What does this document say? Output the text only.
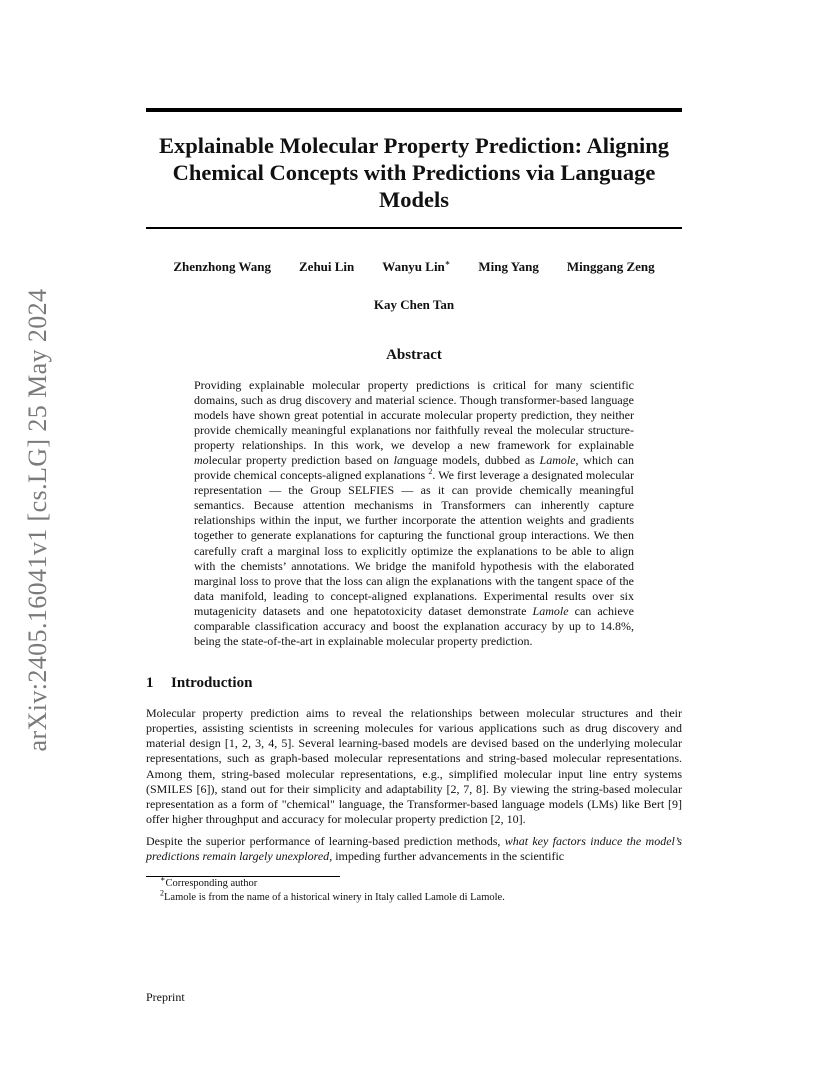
arXiv:2405.16041v1 [cs.LG] 25 May 2024
Explainable Molecular Property Prediction: Aligning Chemical Concepts with Predictions via Language Models
Zhenzhong Wang Zehui Lin Wanyu Lin∗ Ming Yang Minggang Zeng
Kay Chen Tan
Abstract
Providing explainable molecular property predictions is critical for many scientific domains, such as drug discovery and material science. Though transformer-based language models have shown great potential in accurate molecular property prediction, they neither provide chemically meaningful explanations nor faithfully reveal the molecular structure-property relationships. In this work, we develop a new framework for explainable molecular property prediction based on language models, dubbed as Lamole, which can provide chemical concepts-aligned explanations $^2$. We first leverage a designated molecular representation — the Group SELFIES — as it can provide chemically meaningful semantics. Because attention mechanisms in Transformers can inherently capture relationships within the input, we further incorporate the attention weights and gradients together to generate explanations for capturing the functional group interactions. We then carefully craft a marginal loss to explicitly optimize the explanations to be able to align with the chemists’ annotations. We bridge the manifold hypothesis with the elaborated marginal loss to prove that the loss can align the explanations with the tangent space of the data manifold, leading to concept-aligned explanations. Experimental results over six mutagenicity datasets and one hepatotoxicity dataset demonstrate Lamole can achieve comparable classification accuracy and boost the explanation accuracy by up to 14.8%, being the state-of-the-art in explainable molecular property prediction.
1 Introduction
Molecular property prediction aims to reveal the relationships between molecular structures and their properties, assisting scientists in screening molecules for various applications such as drug discovery and material design [1, 2, 3, 4, 5]. Several learning-based models are devised based on the underlying molecular representations, such as graph-based molecular representations and string-based molecular representations. Among them, string-based molecular representations, e.g., simplified molecular input line entry systems (SMILES [6]), stand out for their simplicity and adaptability [2, 7, 8]. By viewing the string-based molecular representation as a form of "chemical" language, the Transformer-based language models (LMs) like Bert [9] offer higher throughput and accuracy for molecular property prediction [2, 10].
Despite the superior performance of learning-based prediction methods, what key factors induce the model’s predictions remain largely unexplored, impeding further advancements in the scientific
∗Corresponding author
$^2$Lamole is from the name of a historical winery in Italy called Lamole di Lamole.
Preprint
